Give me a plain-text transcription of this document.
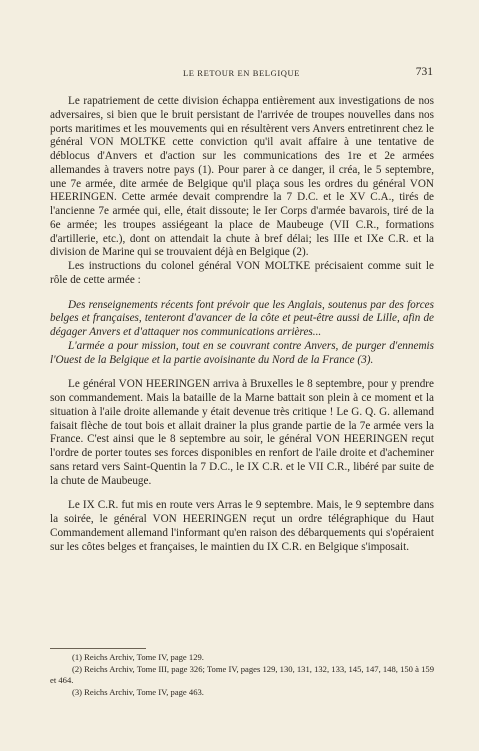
LE RETOUR EN BELGIQUE	731

Le rapatriement de cette division échappa entièrement aux investigations de nos adversaires, si bien que le bruit persistant de l'arrivée de troupes nouvelles dans nos ports maritimes et les mouvements qui en résultèrent vers Anvers entretinrent chez le général VON MOLTKE cette conviction qu'il avait affaire à une tentative de déblocus d'Anvers et d'action sur les communications des 1re et 2e armées allemandes à travers notre pays (1). Pour parer à ce danger, il créa, le 5 septembre, une 7e armée, dite armée de Belgique qu'il plaça sous les ordres du général VON HEERINGEN. Cette armée devait comprendre la 7 D.C. et le XV C.A., tirés de l'ancienne 7e armée qui, elle, était dissoute; le Ier Corps d'armée bavarois, tiré de la 6e armée; les troupes assiégeant la place de Maubeuge (VII C.R., formations d'artillerie, etc.), dont on attendait la chute à bref délai; les IIIe et IXe C.R. et la division de Marine qui se trouvaient déjà en Belgique (2).

Les instructions du colonel général VON MOLTKE précisaient comme suit le rôle de cette armée :

Des renseignements récents font prévoir que les Anglais, soutenus par des forces belges et françaises, tenteront d'avancer de la côte et peut-être aussi de Lille, afin de dégager Anvers et d'attaquer nos communications arrières...

L'armée a pour mission, tout en se couvrant contre Anvers, de purger d'ennemis l'Ouest de la Belgique et la partie avoisinante du Nord de la France (3).

Le général VON HEERINGEN arriva à Bruxelles le 8 septembre, pour y prendre son commandement. Mais la bataille de la Marne battait son plein à ce moment et la situation à l'aile droite allemande y était devenue très critique ! Le G. Q. G. allemand faisait flèche de tout bois et allait drainer la plus grande partie de la 7e armée vers la France. C'est ainsi que le 8 septembre au soir, le général VON HEERINGEN reçut l'ordre de porter toutes ses forces disponibles en renfort de l'aile droite et d'acheminer sans retard vers Saint-Quentin la 7 D.C., le IX C.R. et le VII C.R., libéré par suite de la chute de Maubeuge.

Le IX C.R. fut mis en route vers Arras le 9 septembre. Mais, le 9 septembre dans la soirée, le général VON HEERINGEN reçut un ordre télégraphique du Haut Commandement allemand l'informant qu'en raison des débarquements qui s'opéraient sur les côtes belges et françaises, le maintien du IX C.R. en Belgique s'imposait.

(1) Reichs Archiv, Tome IV, page 129.

(2) Reichs Archiv, Tome III, page 326; Tome IV, pages 129, 130, 131, 132, 133, 145, 147, 148, 150 à 159 et 464.

(3) Reichs Archiv, Tome IV, page 463.
